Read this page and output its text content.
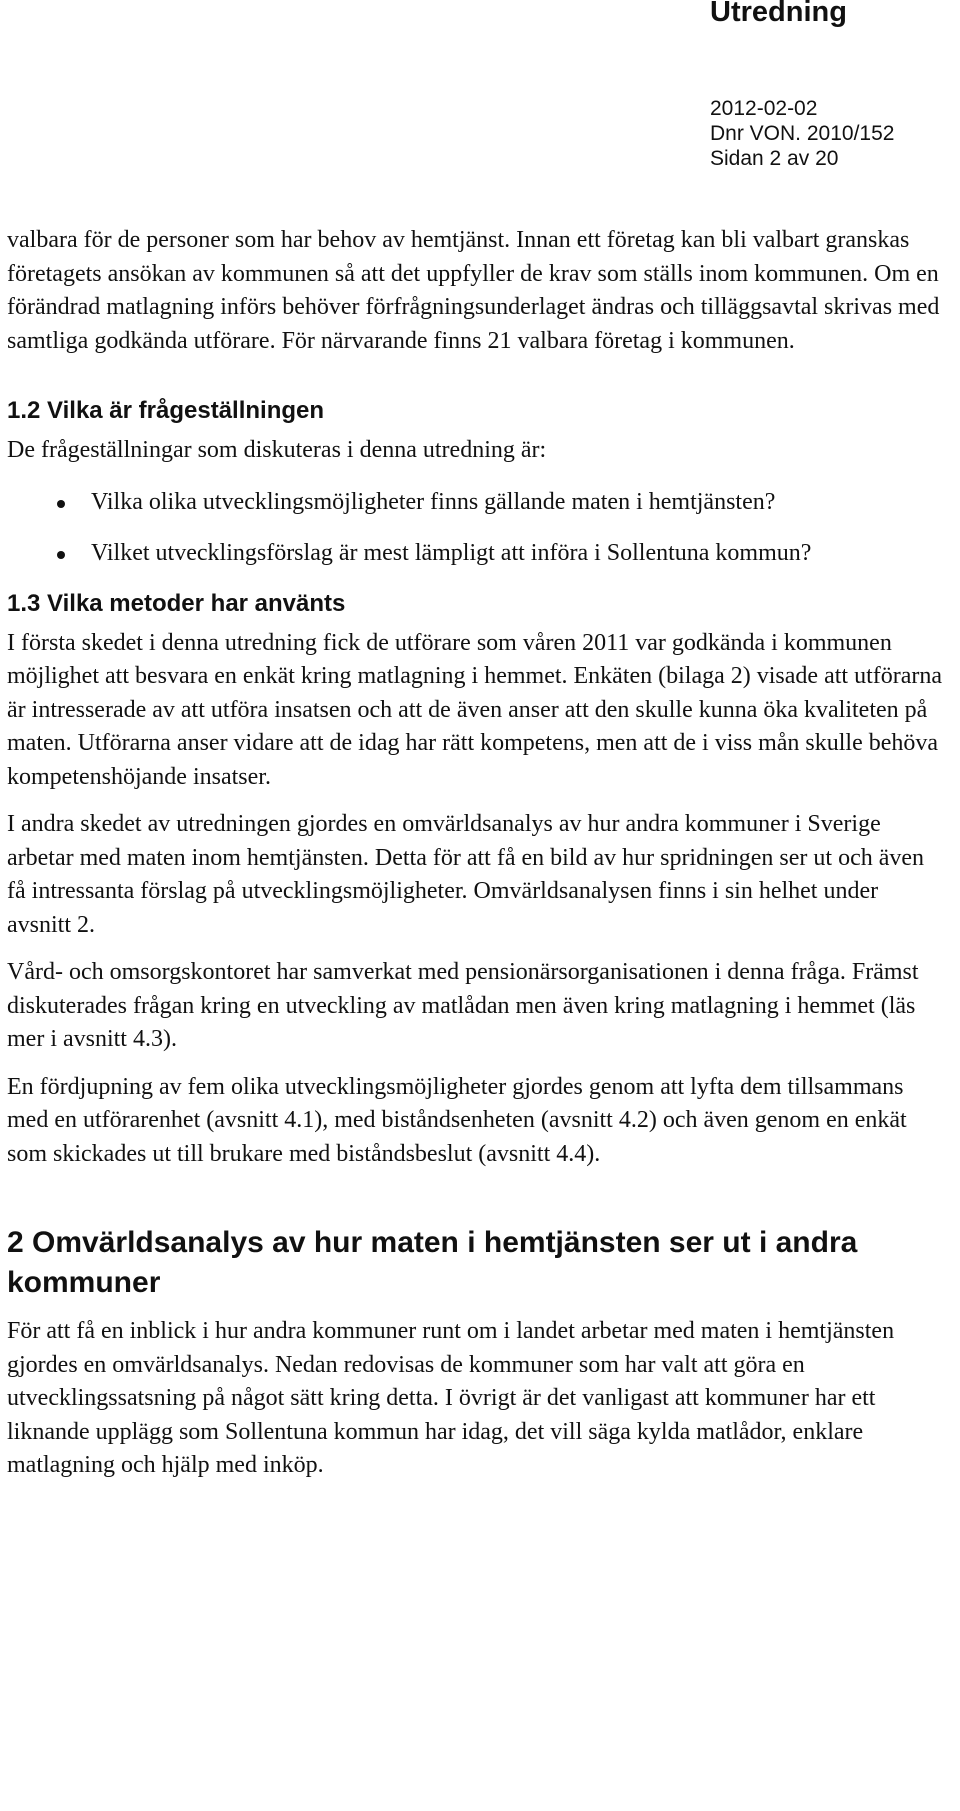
Utredning
2012-02-02
Dnr VON. 2010/152
Sidan 2 av 20

valbara för de personer som har behov av hemtjänst. Innan ett företag kan bli valbart granskas företagets ansökan av kommunen så att det uppfyller de krav som ställs inom kommunen. Om en förändrad matlagning införs behöver förfrågningsunderlaget ändras och tilläggsavtal skrivas med samtliga godkända utförare. För närvarande finns 21 valbara företag i kommunen.

1.2 Vilka är frågeställningen

De frågeställningar som diskuteras i denna utredning är:

Vilka olika utvecklingsmöjligheter finns gällande maten i hemtjänsten?
Vilket utvecklingsförslag är mest lämpligt att införa i Sollentuna kommun?
1.3 Vilka metoder har använts

I första skedet i denna utredning fick de utförare som våren 2011 var godkända i kommunen möjlighet att besvara en enkät kring matlagning i hemmet. Enkäten (bilaga 2) visade att utförarna är intresserade av att utföra insatsen och att de även anser att den skulle kunna öka kvaliteten på maten. Utförarna anser vidare att de idag har rätt kompetens, men att de i viss mån skulle behöva kompetenshöjande insatser.

I andra skedet av utredningen gjordes en omvärldsanalys av hur andra kommuner i Sverige arbetar med maten inom hemtjänsten. Detta för att få en bild av hur spridningen ser ut och även få intressanta förslag på utvecklingsmöjligheter. Omvärldsanalysen finns i sin helhet under avsnitt 2.

Vård- och omsorgskontoret har samverkat med pensionärsorganisationen i denna fråga. Främst diskuterades frågan kring en utveckling av matlådan men även kring matlagning i hemmet (läs mer i avsnitt 4.3).

En fördjupning av fem olika utvecklingsmöjligheter gjordes genom att lyfta dem tillsammans med en utförarenhet (avsnitt 4.1), med biståndsenheten (avsnitt 4.2) och även genom en enkät som skickades ut till brukare med biståndsbeslut (avsnitt 4.4).

2 Omvärldsanalys av hur maten i hemtjänsten ser ut i andra kommuner

För att få en inblick i hur andra kommuner runt om i landet arbetar med maten i hemtjänsten gjordes en omvärldsanalys. Nedan redovisas de kommuner som har valt att göra en utvecklingssatsning på något sätt kring detta. I övrigt är det vanligast att kommuner har ett liknande upplägg som Sollentuna kommun har idag, det vill säga kylda matlådor, enklare matlagning och hjälp med inköp.
